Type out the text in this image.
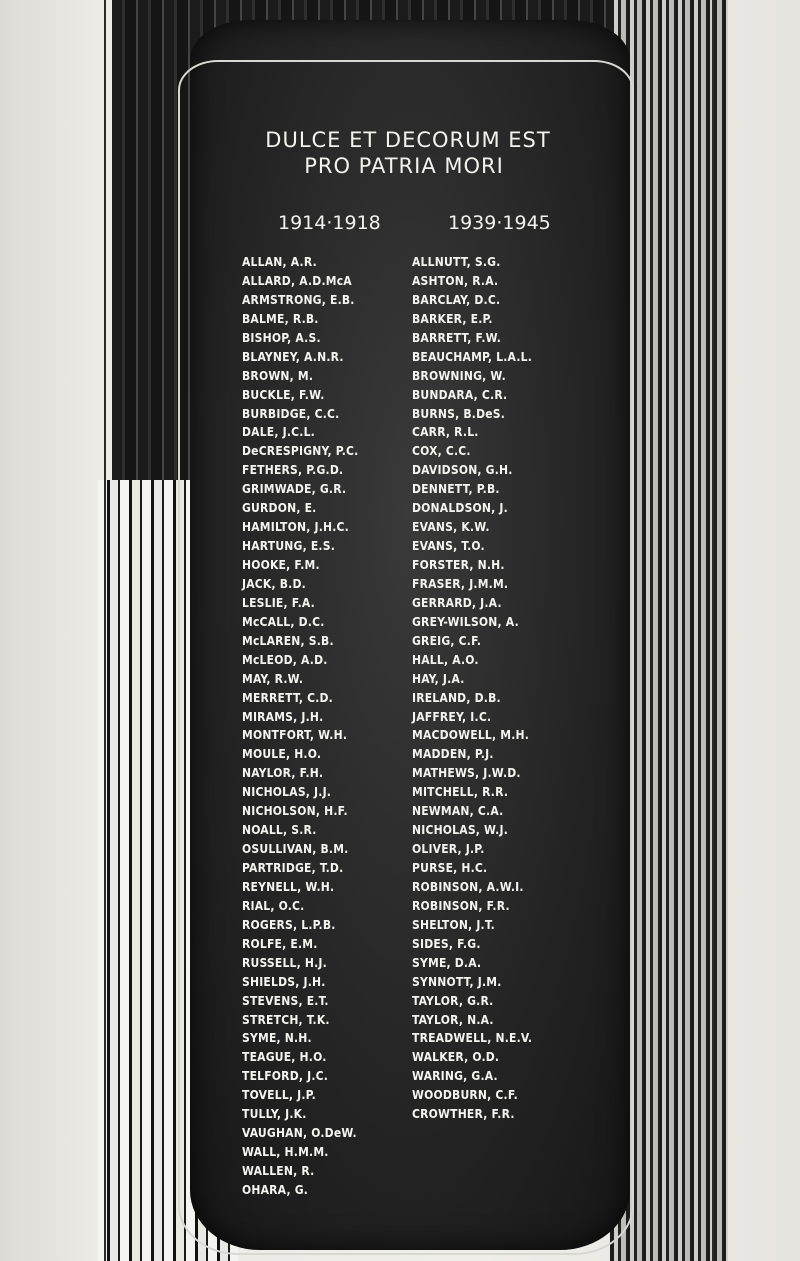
DULCE ET DECORUM EST
PRO PATRIA MORI
1914·1918	1939·1945
ALLAN, A.R.
ALLARD, A.D.McA
ARMSTRONG, E.B.
BALME, R.B.
BISHOP, A.S.
BLAYNEY, A.N.R.
BROWN, M.
BUCKLE, F.W.
BURBIDGE, C.C.
DALE, J.C.L.
DeCRESPIGNY, P.C.
FETHERS, P.G.D.
GRIMWADE, G.R.
GURDON, E.
HAMILTON, J.H.C.
HARTUNG, E.S.
HOOKE, F.M.
JACK, B.D.
LESLIE, F.A.
McCALL, D.C.
McLAREN, S.B.
McLEOD, A.D.
MAY, R.W.
MERRETT, C.D.
MIRAMS, J.H.
MONTFORT, W.H.
MOULE, H.O.
NAYLOR, F.H.
NICHOLAS, J.J.
NICHOLSON, H.F.
NOALL, S.R.
OSULLIVAN, B.M.
PARTRIDGE, T.D.
REYNELL, W.H.
RIAL, O.C.
ROGERS, L.P.B.
ROLFE, E.M.
RUSSELL, H.J.
SHIELDS, J.H.
STEVENS, E.T.
STRETCH, T.K.
SYME, N.H.
TEAGUE, H.O.
TELFORD, J.C.
TOVELL, J.P.
TULLY, J.K.
VAUGHAN, O.DeW.
WALL, H.M.M.
WALLEN, R.
OHARA, G.
ALLNUTT, S.G.
ASHTON, R.A.
BARCLAY, D.C.
BARKER, E.P.
BARRETT, F.W.
BEAUCHAMP, L.A.L.
BROWNING, W.
BUNDARA, C.R.
BURNS, B.DeS.
CARR, R.L.
COX, C.C.
DAVIDSON, G.H.
DENNETT, P.B.
DONALDSON, J.
EVANS, K.W.
EVANS, T.O.
FORSTER, N.H.
FRASER, J.M.M.
GERRARD, J.A.
GREY-WILSON, A.
GREIG, C.F.
HALL, A.O.
HAY, J.A.
IRELAND, D.B.
JAFFREY, I.C.
MACDOWELL, M.H.
MADDEN, P.J.
MATHEWS, J.W.D.
MITCHELL, R.R.
NEWMAN, C.A.
NICHOLAS, W.J.
OLIVER, J.P.
PURSE, H.C.
ROBINSON, A.W.I.
ROBINSON, F.R.
SHELTON, J.T.
SIDES, F.G.
SYME, D.A.
SYNNOTT, J.M.
TAYLOR, G.R.
TAYLOR, N.A.
TREADWELL, N.E.V.
WALKER, O.D.
WARING, G.A.
WOODBURN, C.F.
CROWTHER, F.R.
